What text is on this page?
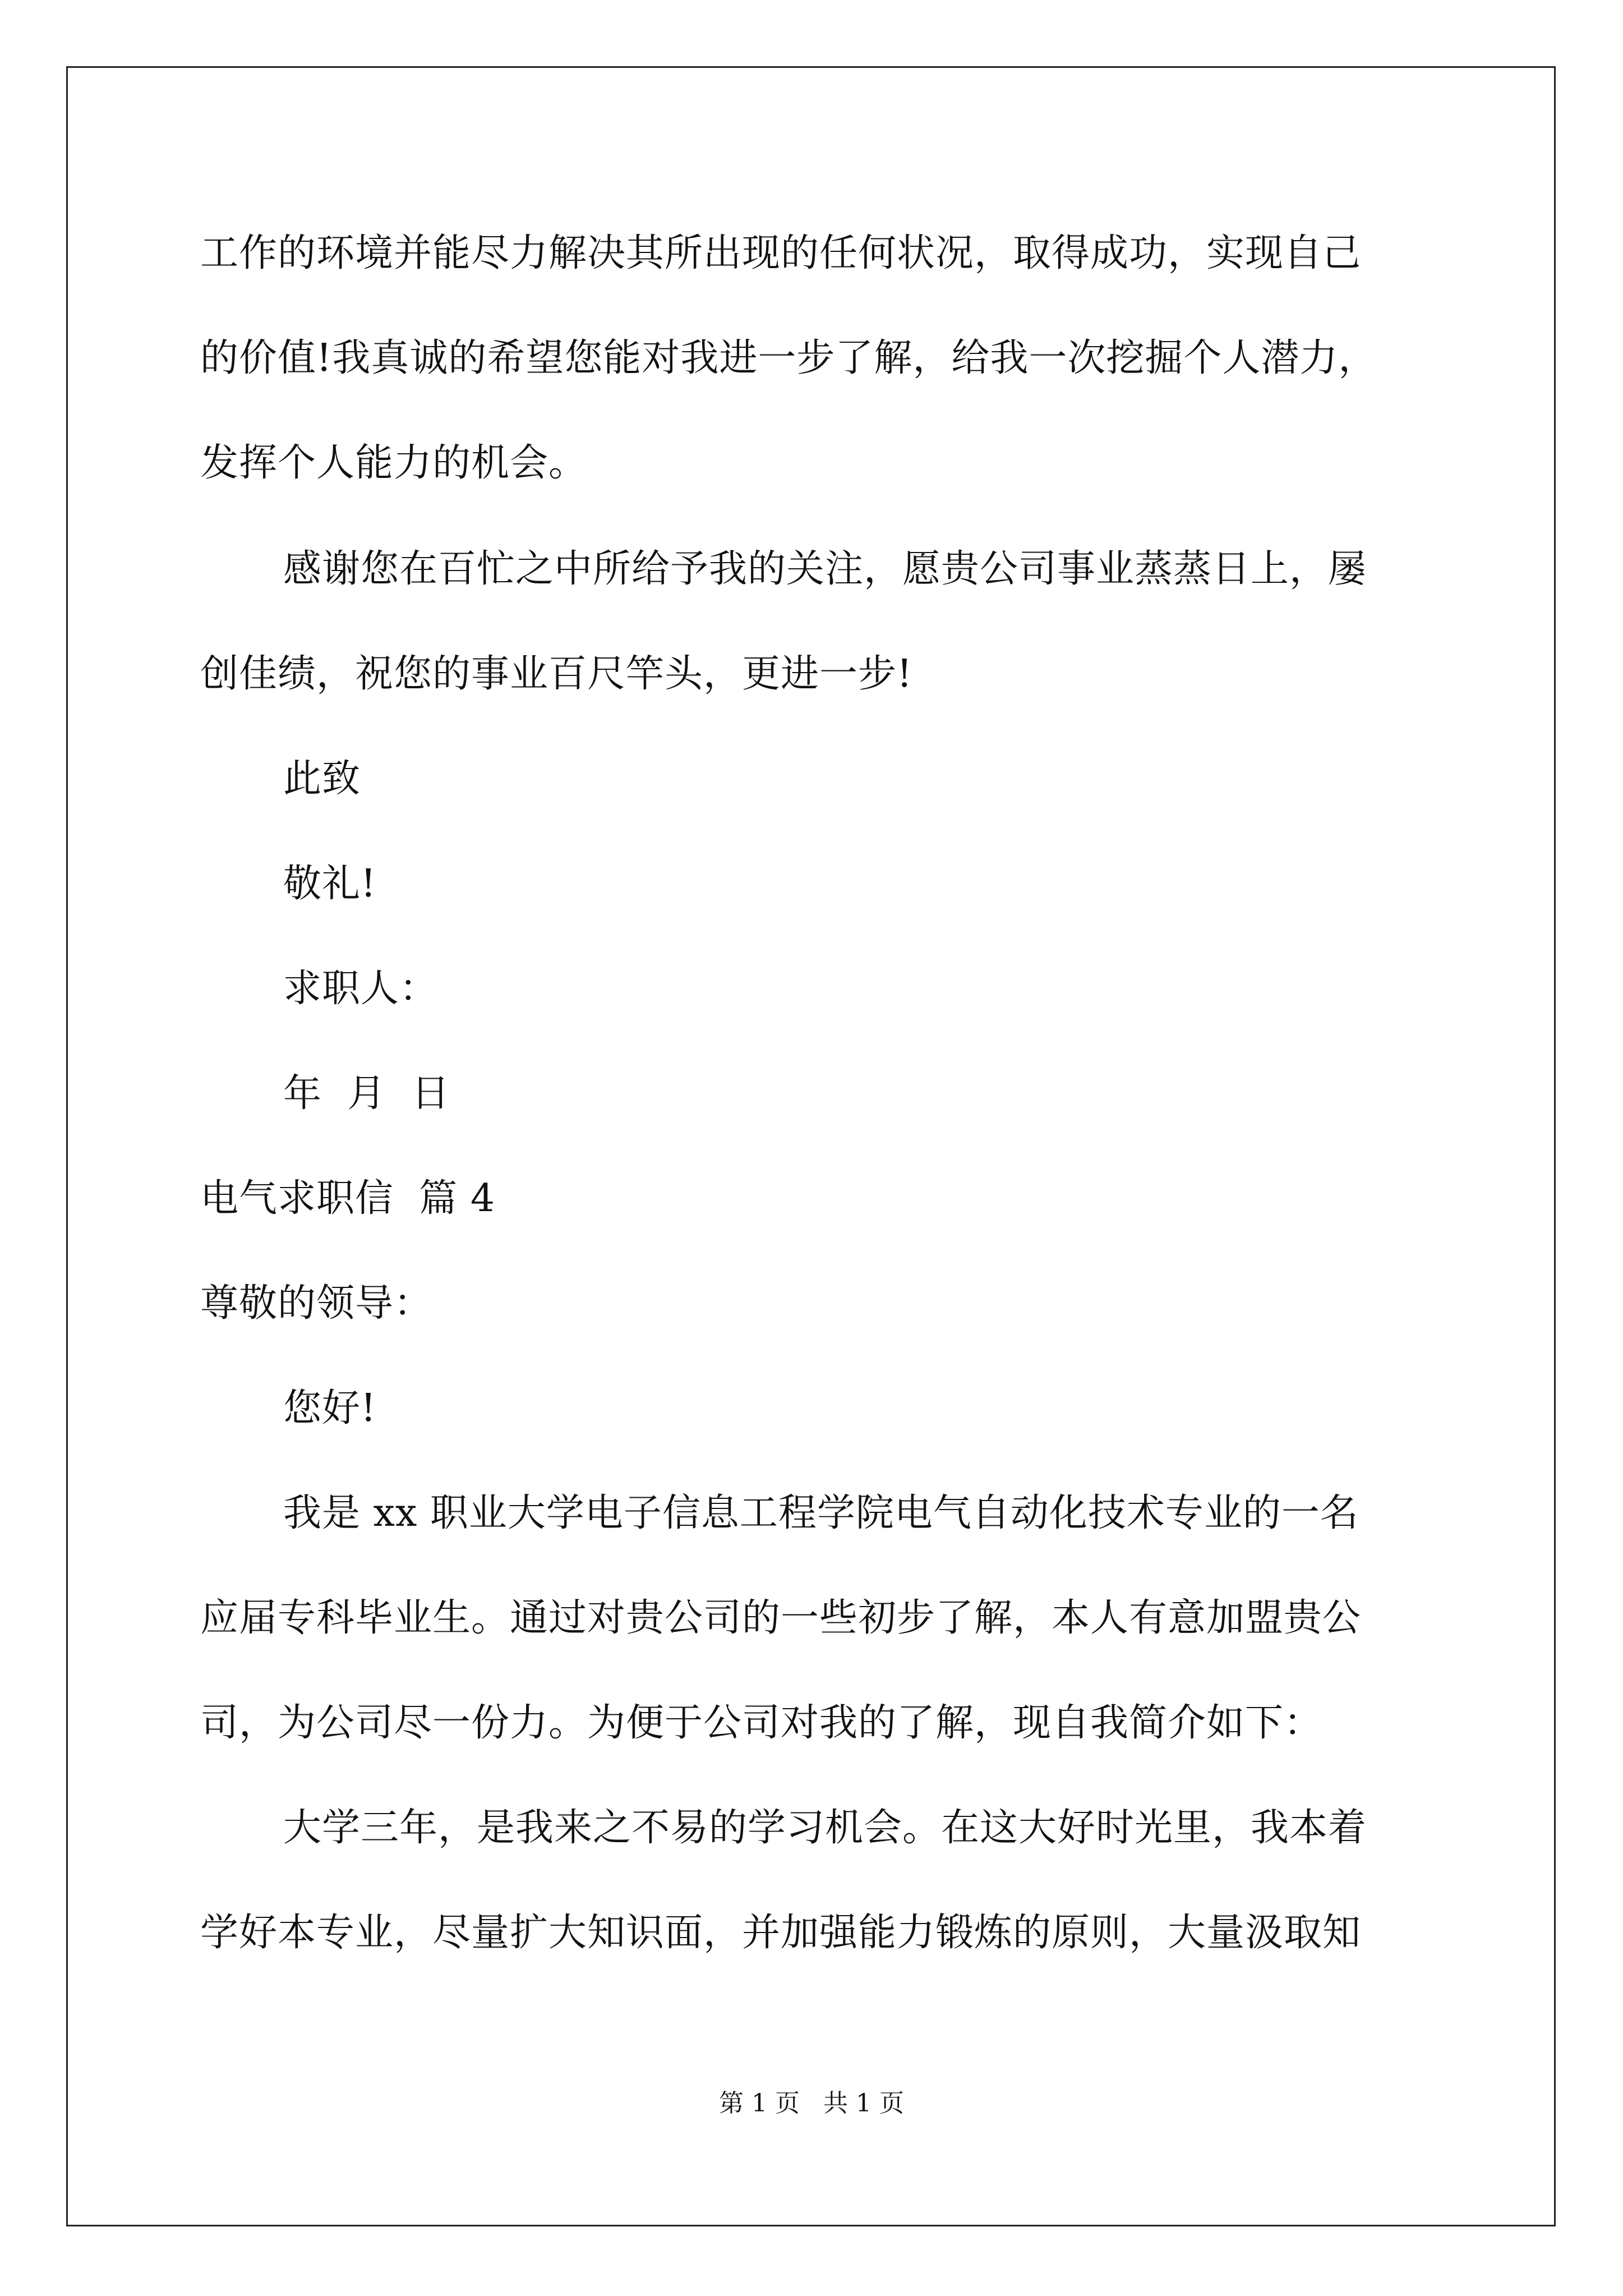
工作的环境并能尽力解决其所出现的任何状况，取得成功，实现自己
的价值!我真诚的希望您能对我进一步了解，给我一次挖掘个人潜力，
发挥个人能力的机会。
感谢您在百忙之中所给予我的关注，愿贵公司事业蒸蒸日上，屡
创佳绩，祝您的事业百尺竿头，更进一步!
此致
敬礼!
求职人：
年  月  日
电气求职信  篇 4
尊敬的领导：
您好!
我是 xx 职业大学电子信息工程学院电气自动化技术专业的一名
应届专科毕业生。通过对贵公司的一些初步了解，本人有意加盟贵公
司，为公司尽一份力。为便于公司对我的了解，现自我简介如下：
大学三年，是我来之不易的学习机会。在这大好时光里，我本着
学好本专业，尽量扩大知识面，并加强能力锻炼的原则，大量汲取知
第 1 页   共 1 页
